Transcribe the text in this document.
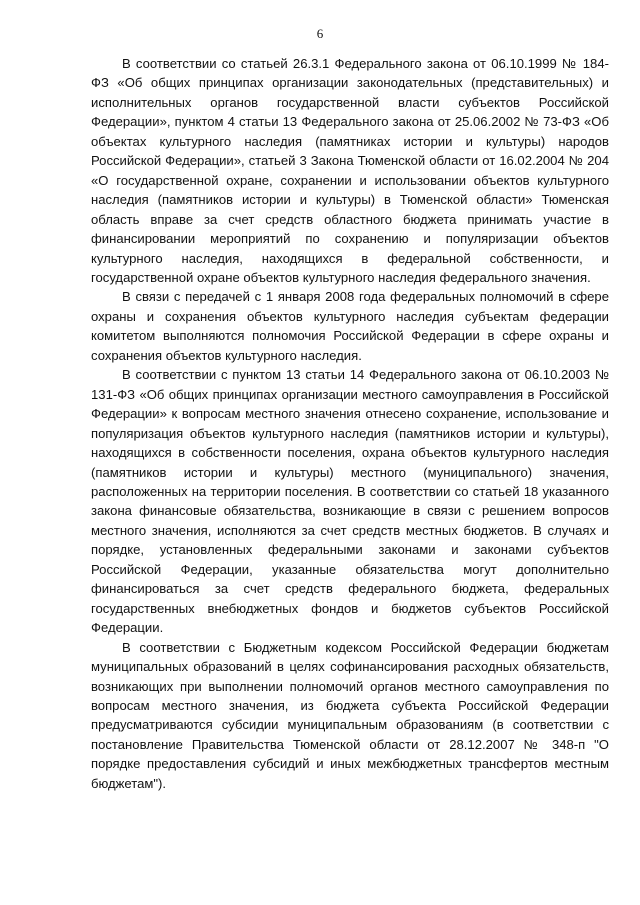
6

В соответствии со статьей 26.3.1 Федерального закона от 06.10.1999 № 184-ФЗ «Об общих принципах организации законодательных (представительных) и исполнительных органов государственной власти субъектов Российской Федерации», пунктом 4 статьи 13 Федерального закона от 25.06.2002 № 73-ФЗ «Об объектах культурного наследия (памятниках истории и культуры) народов Российской Федерации», статьей 3 Закона Тюменской области от 16.02.2004 № 204 «О государственной охране, сохранении и использовании объектов культурного наследия (памятников истории и культуры) в Тюменской области» Тюменская область вправе за счет средств областного бюджета принимать участие в финансировании мероприятий по сохранению и популяризации объектов культурного наследия, находящихся в федеральной собственности, и государственной охране объектов культурного наследия федерального значения.

В связи с передачей с 1 января 2008 года федеральных полномочий в сфере охраны и сохранения объектов культурного наследия субъектам федерации комитетом выполняются полномочия Российской Федерации в сфере охраны и сохранения объектов культурного наследия.

В соответствии с пунктом 13 статьи 14 Федерального закона от 06.10.2003 № 131-ФЗ «Об общих принципах организации местного самоуправления в Российской Федерации» к вопросам местного значения отнесено сохранение, использование и популяризация объектов культурного наследия (памятников истории и культуры), находящихся в собственности поселения, охрана объектов культурного наследия (памятников истории и культуры) местного (муниципального) значения, расположенных на территории поселения. В соответствии со статьей 18 указанного закона финансовые обязательства, возникающие в связи с решением вопросов местного значения, исполняются за счет средств местных бюджетов. В случаях и порядке, установленных федеральными законами и законами субъектов Российской Федерации, указанные обязательства могут дополнительно финансироваться за счет средств федерального бюджета, федеральных государственных внебюджетных фондов и бюджетов субъектов Российской Федерации.

В соответствии с Бюджетным кодексом Российской Федерации бюджетам муниципальных образований в целях софинансирования расходных обязательств, возникающих при выполнении полномочий органов местного самоуправления по вопросам местного значения, из бюджета субъекта Российской Федерации предусматриваются субсидии муниципальным образованиям (в соответствии с постановление Правительства Тюменской области от 28.12.2007 № 348-п "О порядке предоставления субсидий и иных межбюджетных трансфертов местным бюджетам").
